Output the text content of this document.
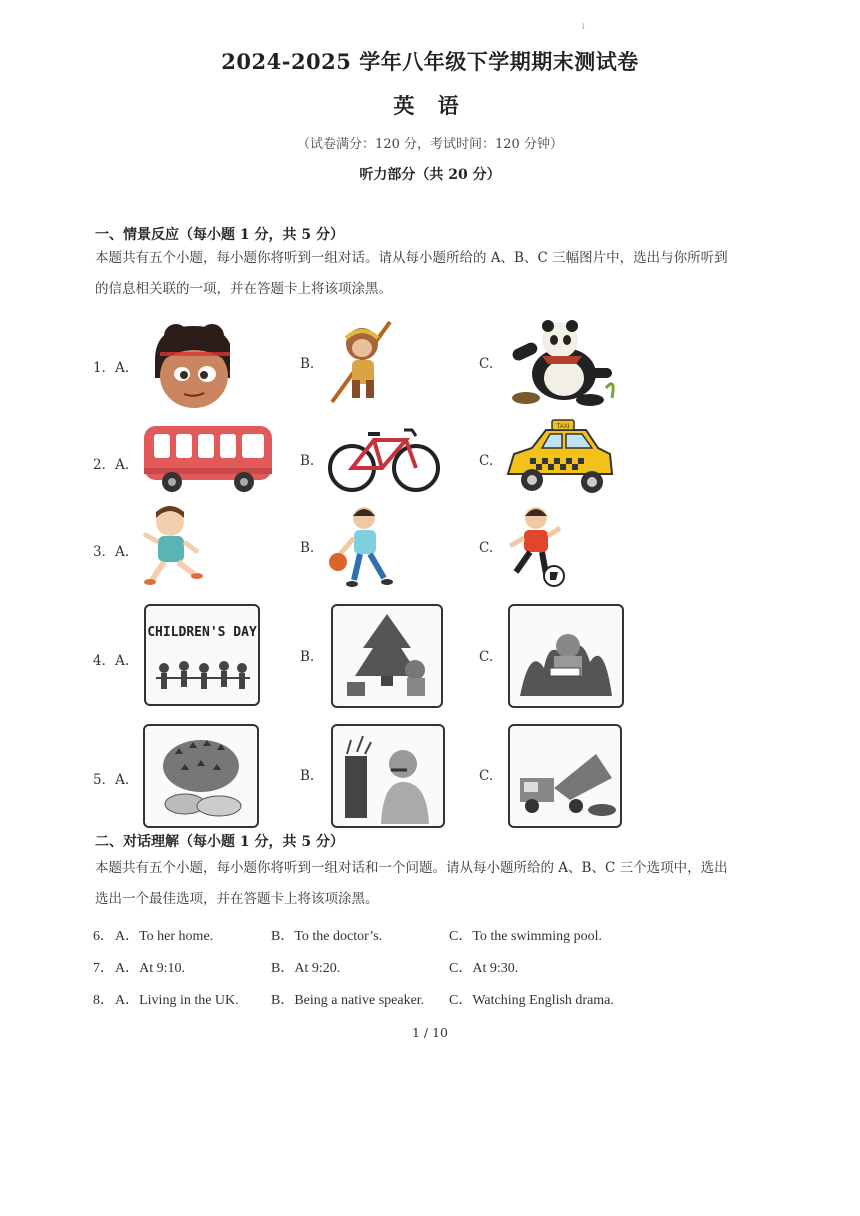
i
2024-2025 学年八年级下学期期末测试卷
英 语
（试卷满分：120 分，考试时间：120 分钟）
听力部分（共 20 分）
一、情景反应（每小题 1 分，共 5 分）
本题共有五个小题，每小题你将听到一组对话。请从每小题所给的 A、B、C 三幅图片中，选出与你所听到
的信息相关联的一项，并在答题卡上将该项涂黑。
1．A.	B.	C.
2．A.	B.	C.
TAXI
3．A.	B.	C.
4．A.	B.	C.
CHILDREN'S DAY
5．A.	B.	C.
二、对话理解（每小题 1 分，共 5 分）
本题共有五个小题，每小题你将听到一组对话和一个问题。请从每小题所给的 A、B、C 三个选项中，选出
选出一个最佳选项，并在答题卡上将该项涂黑。
6． A．To her home.	B．To the doctor’s.	C．To the swimming pool.
7． A．At 9:10.	B．At 9:20.	C．At 9:30.
8． A．Living in the UK. B．Being a native speaker. C．Watching English drama.
1 / 10
